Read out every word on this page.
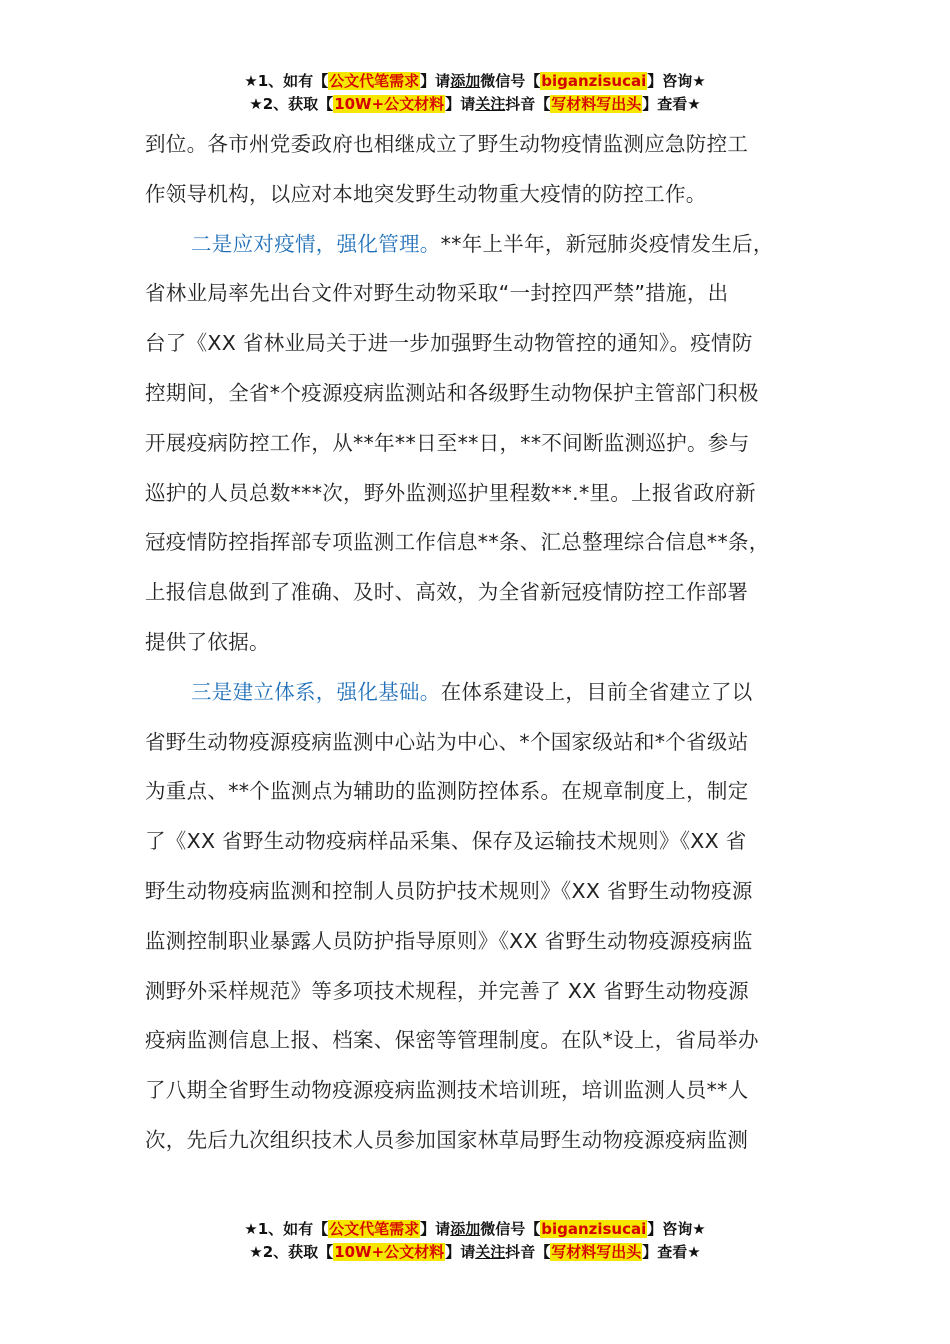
★1、如有【公文代笔需求】请添加微信号【biganzisucai】咨询★
★2、获取【10W+公文材料】请关注抖音【写材料写出头】查看★
到位。各市州党委政府也相继成立了野生动物疫情监测应急防控工
作领导机构，以应对本地突发野生动物重大疫情的防控工作。
二是应对疫情，强化管理。**年上半年，新冠肺炎疫情发生后，
省林业局率先出台文件对野生动物采取“一封控四严禁”措施，出
台了《XX 省林业局关于进一步加强野生动物管控的通知》。疫情防
控期间，全省*个疫源疫病监测站和各级野生动物保护主管部门积极
开展疫病防控工作，从**年**日至**日，**不间断监测巡护。参与
巡护的人员总数***次，野外监测巡护里程数**.*里。上报省政府新
冠疫情防控指挥部专项监测工作信息**条、汇总整理综合信息**条，
上报信息做到了准确、及时、高效，为全省新冠疫情防控工作部署
提供了依据。
三是建立体系，强化基础。在体系建设上，目前全省建立了以
省野生动物疫源疫病监测中心站为中心、*个国家级站和*个省级站
为重点、**个监测点为辅助的监测防控体系。在规章制度上，制定
了《XX 省野生动物疫病样品采集、保存及运输技术规则》《XX 省
野生动物疫病监测和控制人员防护技术规则》《XX 省野生动物疫源
监测控制职业暴露人员防护指导原则》《XX 省野生动物疫源疫病监
测野外采样规范》等多项技术规程，并完善了 XX 省野生动物疫源
疫病监测信息上报、档案、保密等管理制度。在队*设上，省局举办
了八期全省野生动物疫源疫病监测技术培训班，培训监测人员**人
次，先后九次组织技术人员参加国家林草局野生动物疫源疫病监测
★1、如有【公文代笔需求】请添加微信号【biganzisucai】咨询★
★2、获取【10W+公文材料】请关注抖音【写材料写出头】查看★
